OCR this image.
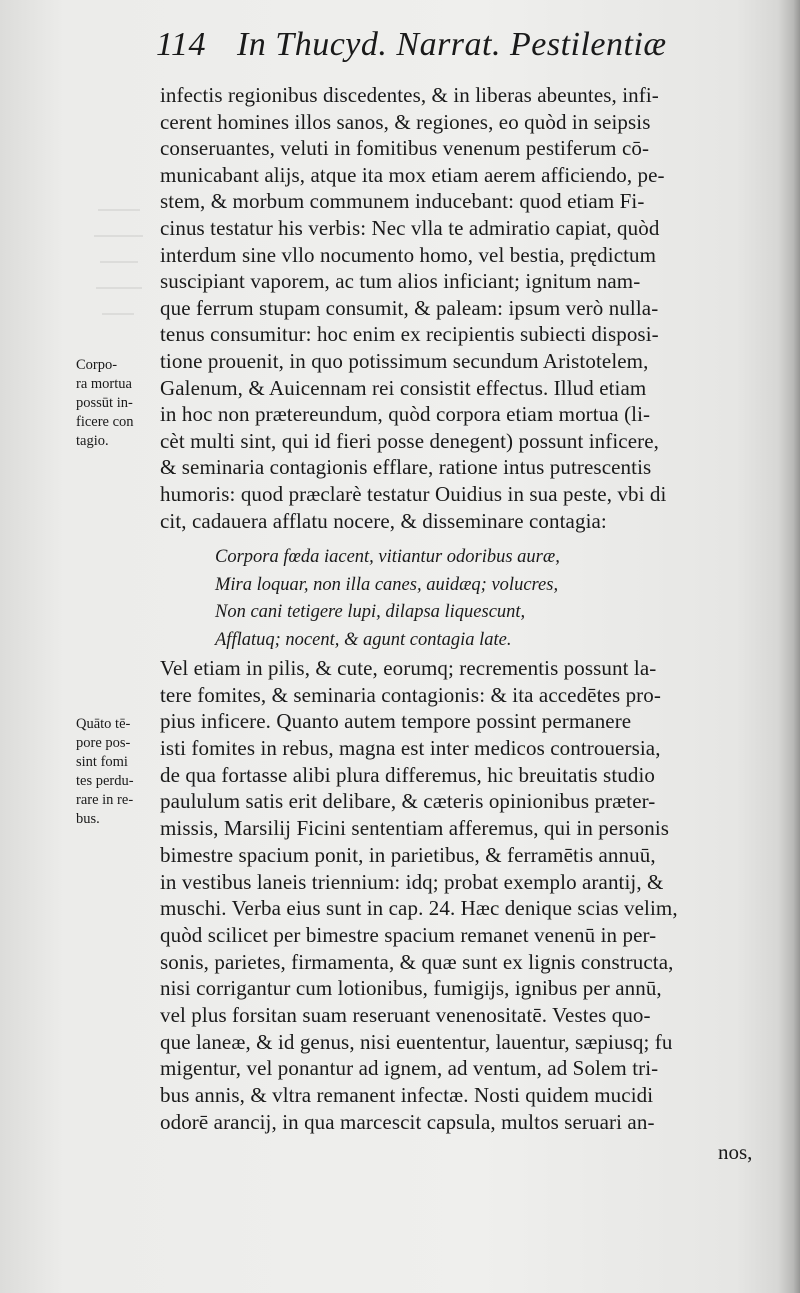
114 In Thucyd. Narrat. Pestilentiæ
infectis regionibus discedentes, & in liberas abeuntes, infi-
cerent homines illos sanos, & regiones, eo quòd in seipsis
conseruantes, veluti in fomitibus venenum pestiferum cō-
municabant alijs, atque ita mox etiam aerem afficiendo, pe-
stem, & morbum communem inducebant: quod etiam Fi-
cinus testatur his verbis: Nec vlla te admiratio capiat, quòd
interdum sine vllo nocumento homo, vel bestia, prędictum
suscipiant vaporem, ac tum alios inficiant; ignitum nam-
que ferrum stupam consumit, & paleam: ipsum verò nulla-
tenus consumitur: hoc enim ex recipientis subiecti disposi-
tione prouenit, in quo potissimum secundum Aristotelem,
Galenum, & Auicennam rei consistit effectus. Illud etiam
in hoc non prætereundum, quòd corpora etiam mortua (li-
cèt multi sint, qui id fieri posse denegent) possunt inficere,
& seminaria contagionis efflare, ratione intus putrescentis
humoris: quod præclarè testatur Ouidius in sua peste, vbi di
cit, cadauera afflatu nocere, & disseminare contagia:
Corpora fœda iacent, vitiantur odoribus auræ,
Mira loquar, non illa canes, auidæq; volucres,
Non cani tetigere lupi, dilapsa liquescunt,
Afflatuq; nocent, & agunt contagia late.
Vel etiam in pilis, & cute, eorumq; recrementis possunt la-
tere fomites, & seminaria contagionis: & ita accedētes pro-
pius inficere. Quanto autem tempore possint permanere
isti fomites in rebus, magna est inter medicos controuersia,
de qua fortasse alibi plura differemus, hic breuitatis studio
paululum satis erit delibare, & cæteris opinionibus præter-
missis, Marsilij Ficini sententiam afferemus, qui in personis
bimestre spacium ponit, in parietibus, & ferramētis annuū,
in vestibus laneis triennium: idq; probat exemplo arantij, &
muschi. Verba eius sunt in cap. 24. Hæc denique scias velim,
quòd scilicet per bimestre spacium remanet venenū in per-
sonis, parietes, firmamenta, & quæ sunt ex lignis constructa,
nisi corrigantur cum lotionibus, fumigijs, ignibus per annū,
vel plus forsitan suam reseruant venenositatē. Vestes quo-
que laneæ, & id genus, nisi euententur, lauentur, sæpiusq; fu
migentur, vel ponantur ad ignem, ad ventum, ad Solem tri-
bus annis, & vltra remanent infectæ. Nosti quidem mucidi
odorē arancij, in qua marcescit capsula, multos seruari an-
nos,
Corpo-
ra mortua
possūt in-
ficere con
tagio.
Quāto tē-
pore pos-
sint fomi
tes perdu-
rare in re-
bus.
